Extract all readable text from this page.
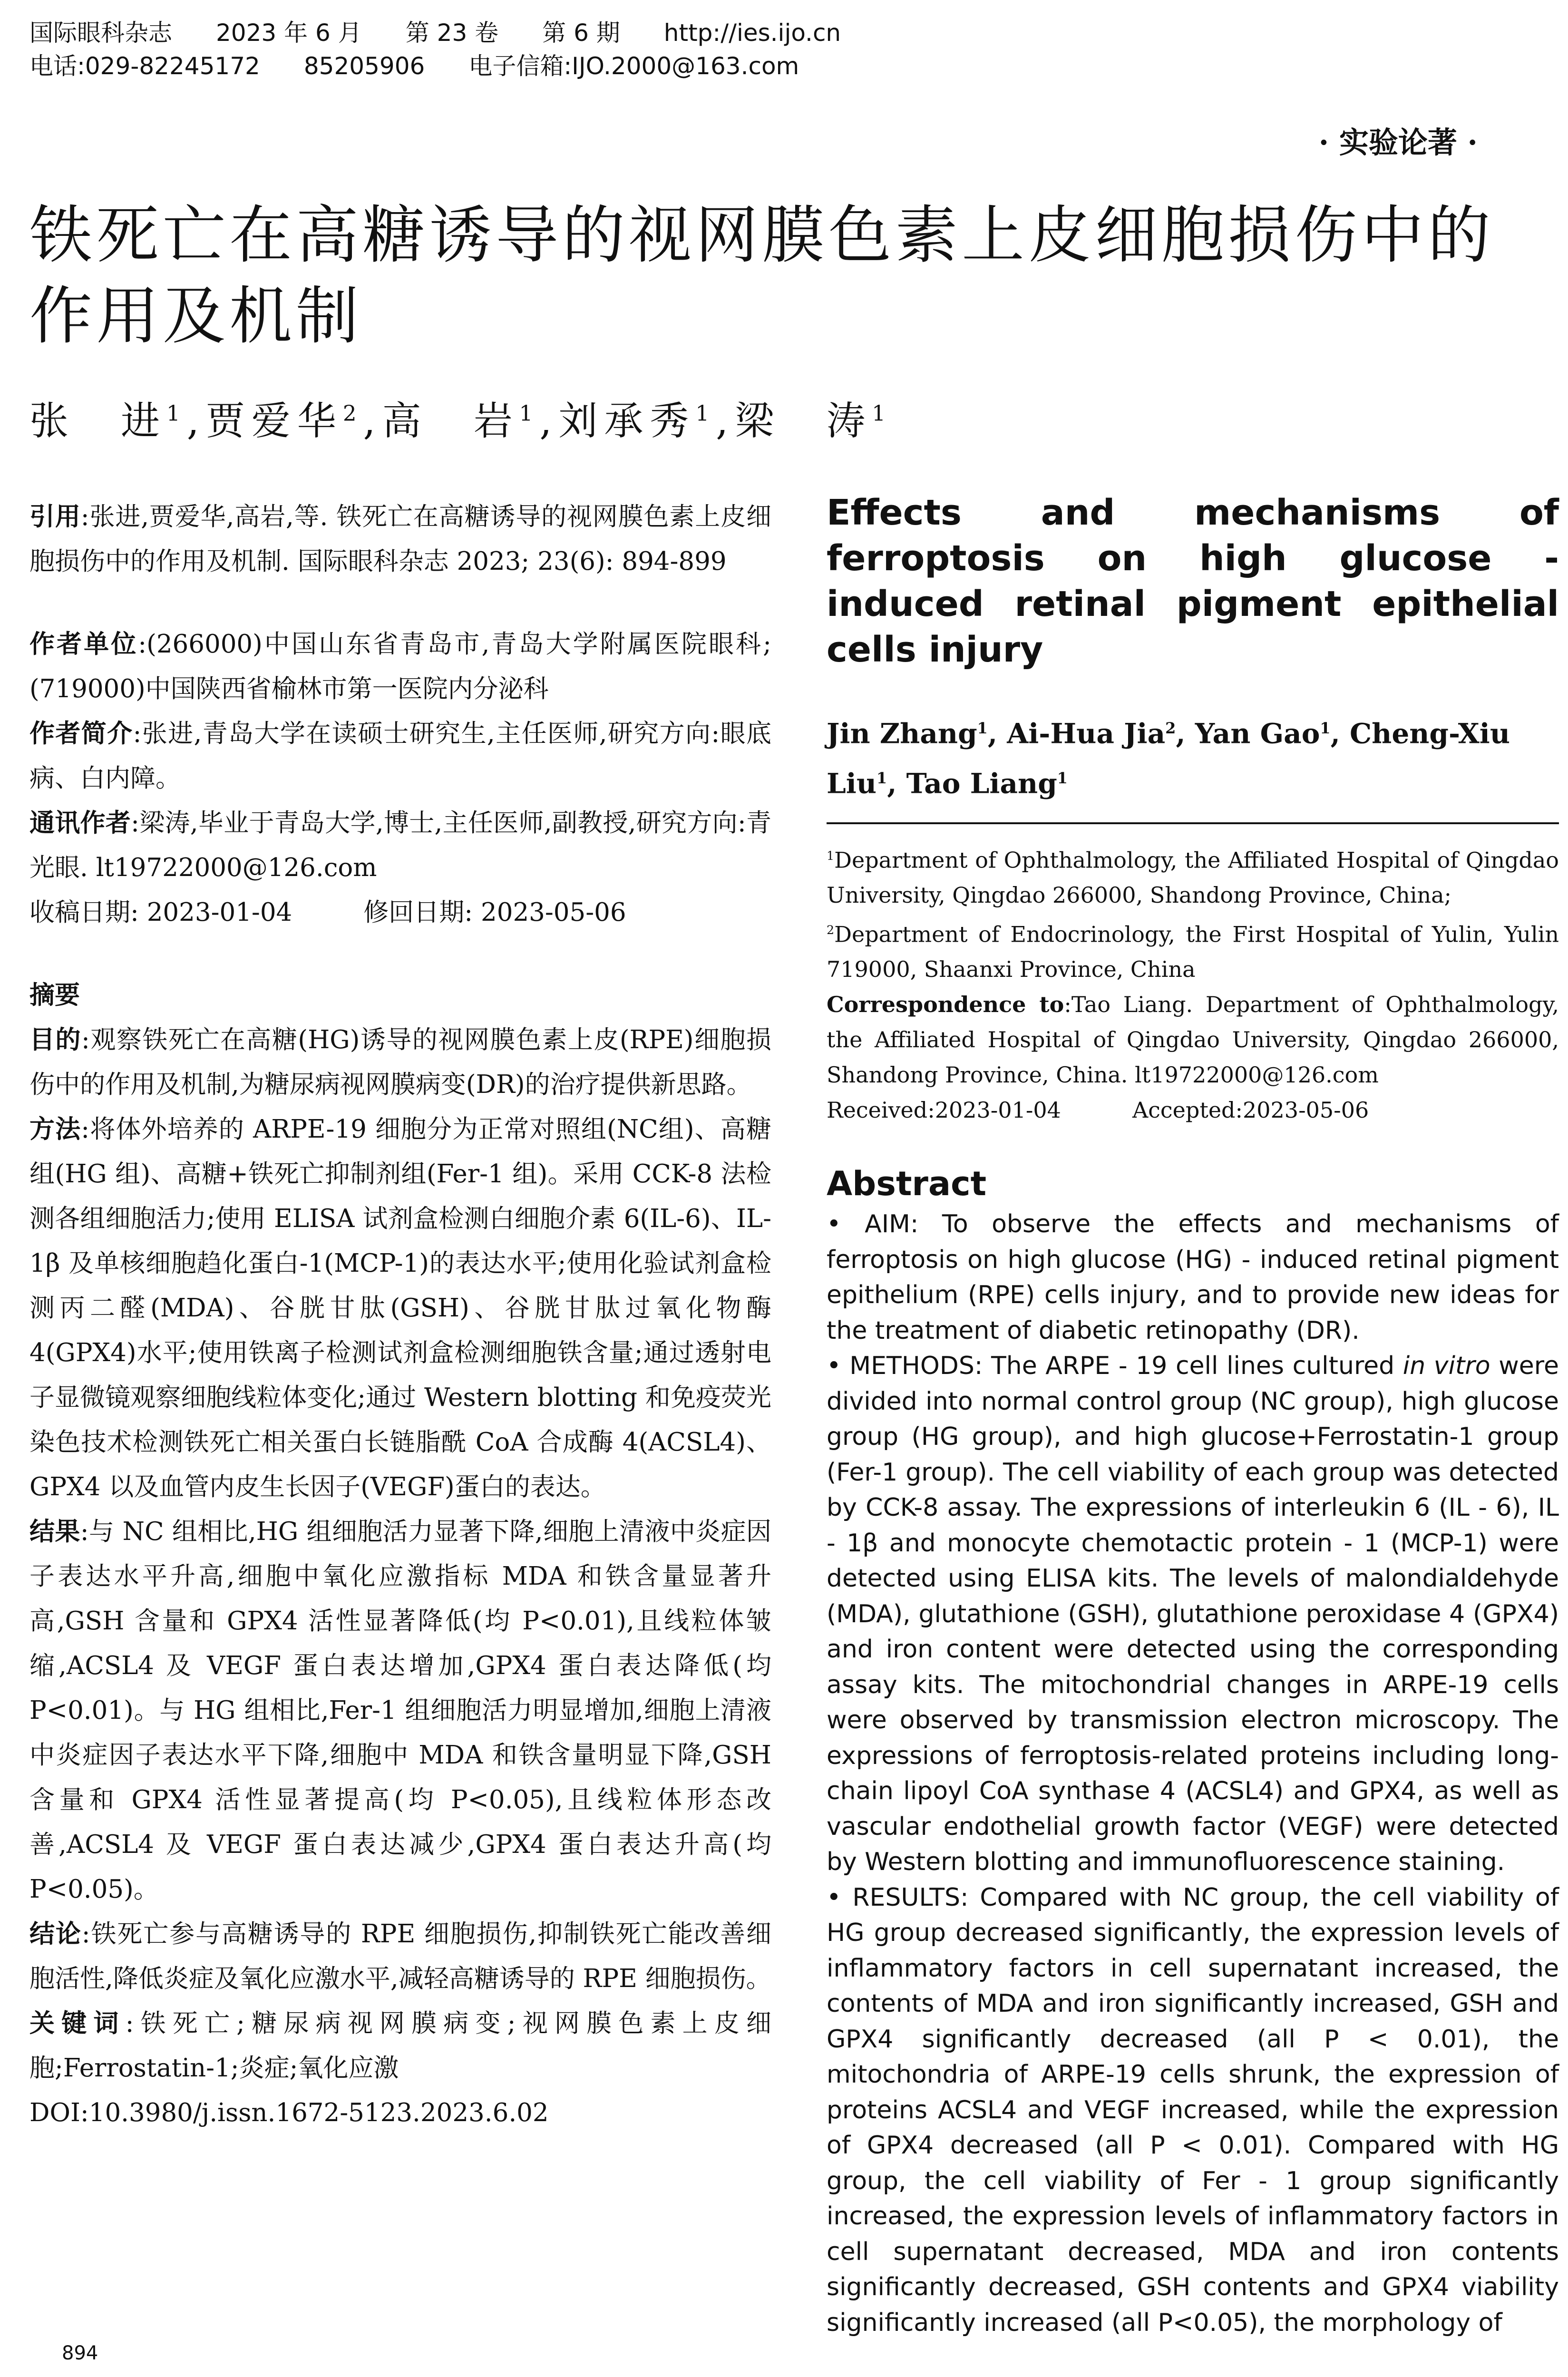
国际眼科杂志 2023 年 6 月 第 23 卷 第 6 期 http://ies.ijo.cn
电话:029-82245172 85205906 电子信箱:IJO.2000@163.com
· 实验论著 ·
铁死亡在高糖诱导的视网膜色素上皮细胞损伤中的作用及机制
张　进$^1$,贾爱华$^2$,高　岩$^1$,刘承秀$^1$,梁　涛$^1$

引用:张进,贾爱华,高岩,等. 铁死亡在高糖诱导的视网膜色素上皮细胞损伤中的作用及机制. 国际眼科杂志 2023; 23(6): 894-899

作者单位:(266000)中国山东省青岛市,青岛大学附属医院眼科;(719000)中国陕西省榆林市第一医院内分泌科

作者简介:张进,青岛大学在读硕士研究生,主任医师,研究方向:眼底病、白内障。

通讯作者:梁涛,毕业于青岛大学,博士,主任医师,副教授,研究方向:青光眼. lt19722000@126.com

收稿日期: 2023-01-04	修回日期: 2023-05-06

摘要

目的:观察铁死亡在高糖(HG)诱导的视网膜色素上皮(RPE)细胞损伤中的作用及机制,为糖尿病视网膜病变(DR)的治疗提供新思路。

方法:将体外培养的 ARPE-19 细胞分为正常对照组(NC组)、高糖组(HG 组)、高糖+铁死亡抑制剂组(Fer-1 组)。采用 CCK-8 法检测各组细胞活力;使用 ELISA 试剂盒检测白细胞介素 6(IL-6)、IL-1β 及单核细胞趋化蛋白-1(MCP-1)的表达水平;使用化验试剂盒检测丙二醛(MDA)、谷胱甘肽(GSH)、谷胱甘肽过氧化物酶4(GPX4)水平;使用铁离子检测试剂盒检测细胞铁含量;通过透射电子显微镜观察细胞线粒体变化;通过 Western blotting 和免疫荧光染色技术检测铁死亡相关蛋白长链脂酰 CoA 合成酶 4(ACSL4)、GPX4 以及血管内皮生长因子(VEGF)蛋白的表达。

结果:与 NC 组相比,HG 组细胞活力显著下降,细胞上清液中炎症因子表达水平升高,细胞中氧化应激指标 MDA 和铁含量显著升高,GSH 含量和 GPX4 活性显著降低(均 P<0.01),且线粒体皱缩,ACSL4 及 VEGF 蛋白表达增加,GPX4 蛋白表达降低(均 P<0.01)。与 HG 组相比,Fer-1 组细胞活力明显增加,细胞上清液中炎症因子表达水平下降,细胞中 MDA 和铁含量明显下降,GSH 含量和 GPX4 活性显著提高(均 P<0.05),且线粒体形态改善,ACSL4 及 VEGF 蛋白表达减少,GPX4 蛋白表达升高(均 P<0.05)。

结论:铁死亡参与高糖诱导的 RPE 细胞损伤,抑制铁死亡能改善细胞活性,降低炎症及氧化应激水平,减轻高糖诱导的 RPE 细胞损伤。

关键词:铁死亡;糖尿病视网膜病变;视网膜色素上皮细胞;Ferrostatin-1;炎症;氧化应激

DOI:10.3980/j.issn.1672-5123.2023.6.02

Effects and mechanisms of ferroptosis on high glucose - induced retinal pigment epithelial cells injury

Jin Zhang$^1$, Ai-Hua Jia$^2$, Yan Gao$^1$, Cheng-Xiu Liu$^1$, Tao Liang$^1$

$^1$Department of Ophthalmology, the Affiliated Hospital of Qingdao University, Qingdao 266000, Shandong Province, China;

$^2$Department of Endocrinology, the First Hospital of Yulin, Yulin 719000, Shaanxi Province, China

Correspondence to:Tao Liang. Department of Ophthalmology, the Affiliated Hospital of Qingdao University, Qingdao 266000, Shandong Province, China. lt19722000@126.com

Received:2023-01-04	Accepted:2023-05-06

Abstract

• AIM: To observe the effects and mechanisms of ferroptosis on high glucose (HG) - induced retinal pigment epithelium (RPE) cells injury, and to provide new ideas for the treatment of diabetic retinopathy (DR).

• METHODS: The ARPE - 19 cell lines cultured in vitro were divided into normal control group (NC group), high glucose group (HG group), and high glucose+Ferrostatin-1 group (Fer-1 group). The cell viability of each group was detected by CCK-8 assay. The expressions of interleukin 6 (IL - 6), IL - 1β and monocyte chemotactic protein - 1 (MCP-1) were detected using ELISA kits. The levels of malondialdehyde (MDA), glutathione (GSH), glutathione peroxidase 4 (GPX4) and iron content were detected using the corresponding assay kits. The mitochondrial changes in ARPE-19 cells were observed by transmission electron microscopy. The expressions of ferroptosis-related proteins including long-chain lipoyl CoA synthase 4 (ACSL4) and GPX4, as well as vascular endothelial growth factor (VEGF) were detected by Western blotting and immunofluorescence staining.

• RESULTS: Compared with NC group, the cell viability of HG group decreased significantly, the expression levels of inflammatory factors in cell supernatant increased, the contents of MDA and iron significantly increased, GSH and GPX4 significantly decreased (all P < 0.01), the mitochondria of ARPE-19 cells shrunk, the expression of proteins ACSL4 and VEGF increased, while the expression of GPX4 decreased (all P < 0.01). Compared with HG group, the cell viability of Fer - 1 group significantly increased, the expression levels of inflammatory factors in cell supernatant decreased, MDA and iron contents significantly decreased, GSH contents and GPX4 viability significantly increased (all P<0.05), the morphology of

894
